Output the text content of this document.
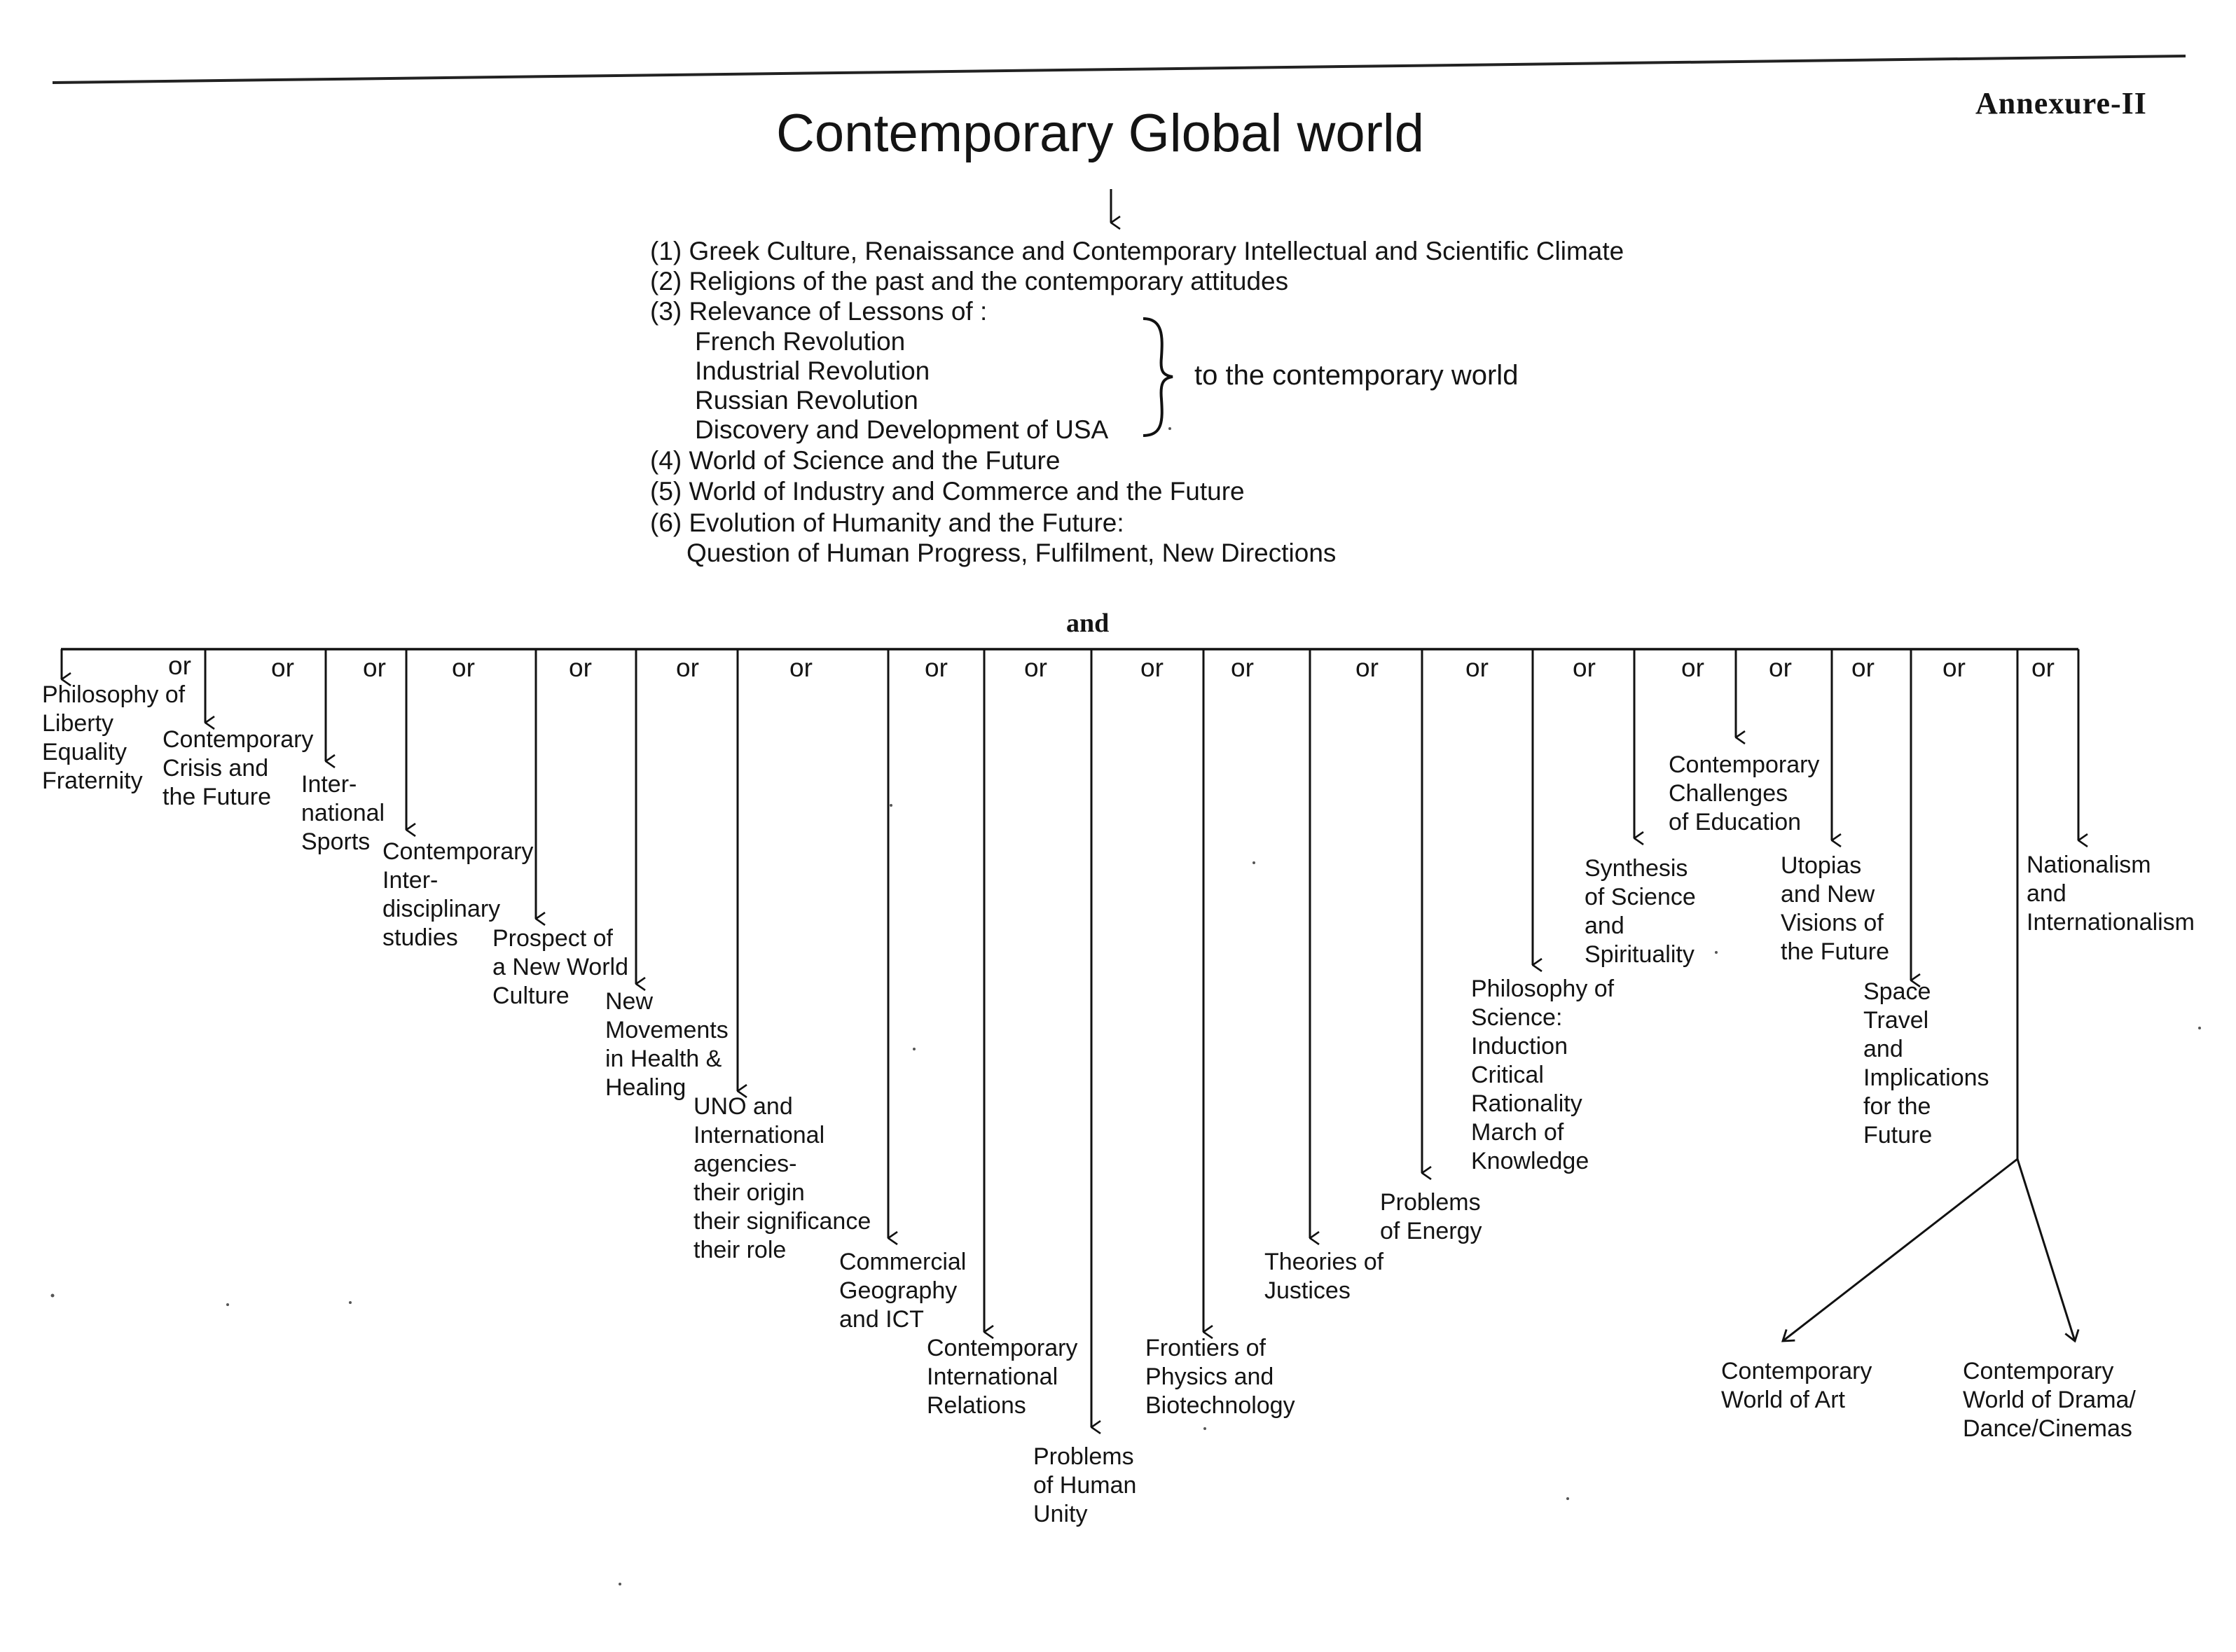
Annexure-II
Contemporary Global world
(1) Greek Culture, Renaissance and Contemporary Intellectual and Scientific Climate
(2) Religions of the past and the contemporary attitudes
(3) Relevance of Lessons of :
French Revolution
Industrial Revolution
Russian Revolution
Discovery and Development of USA
to the contemporary world
(4) World of Science and the Future
(5) World of Industry and Commerce and the Future
(6) Evolution of Humanity and the Future:
Question of Human Progress, Fulfilment, New Directions
and
or	or	or	or	or	or	or	or	or	or	or	or	or	or	or or or	or	or
Philosophy of
Liberty
Equality
Fraternity
Contemporary
Crisis and
the Future	Inter-
national
Sports Contemporary
Inter-
disciplinary
studies	Prospect of
a New World
Culture	New
Movements
in Health &
Healing
UNO and
International
agencies-
their origin
their significance
their role	Commercial
Geography
and ICT
Contemporary
International
Relations
Problems
of Human
Unity
Frontiers of
Physics and
Biotechnology
Theories of
Justices
Problems
of Energy
Philosophy of
Science:
Induction
Critical
Rationality
March of
Knowledge
Synthesis
of Science
and
Spirituality
Contemporary
Challenges
of Education
Utopias
and New
Visions of
the Future
Space
Travel
and
Implications
for the
Future
Contemporary
World of Art
Contemporary
World of Drama/
Dance/Cinemas
Nationalism
and
Internationalism
